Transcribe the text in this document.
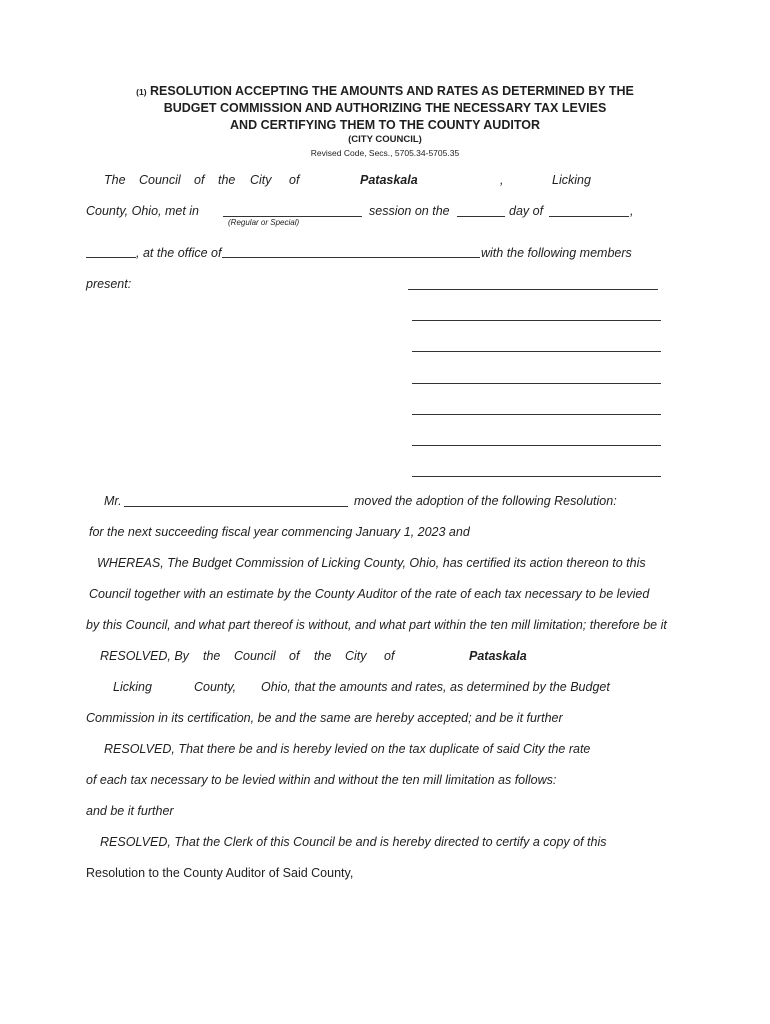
(1) RESOLUTION ACCEPTING THE AMOUNTS AND RATES AS DETERMINED BY THE
BUDGET COMMISSION AND AUTHORIZING THE NECESSARY TAX LEVIES
AND CERTIFYING THEM TO THE COUNTY AUDITOR
(CITY COUNCIL)
Revised Code, Secs., 5705.34-5705.35
The Council of the City of	Pataskala	,	Licking
County, Ohio, met in
(Regular or Special)
session on the	day of	,
, at the office of	with the following members
present:
Mr.	moved the adoption of the following Resolution:
for the next succeeding fiscal year commencing January 1, 2023 and
WHEREAS, The Budget Commission of Licking County, Ohio, has certified its action thereon to this
Council together with an estimate by the County Auditor of the rate of each tax necessary to be levied
by this Council, and what part thereof is without, and what part within the ten mill limitation; therefore be it
RESOLVED, By the Council of the City of	Pataskala
Licking	County, Ohio, that the amounts and rates, as determined by the Budget
Commission in its certification, be and the same are hereby accepted; and be it further
RESOLVED, That there be and is hereby levied on the tax duplicate of said City the rate
of each tax necessary to be levied within and without the ten mill limitation as follows:
and be it further
RESOLVED, That the Clerk of this Council be and is hereby directed to certify a copy of this
Resolution to the County Auditor of Said County,
